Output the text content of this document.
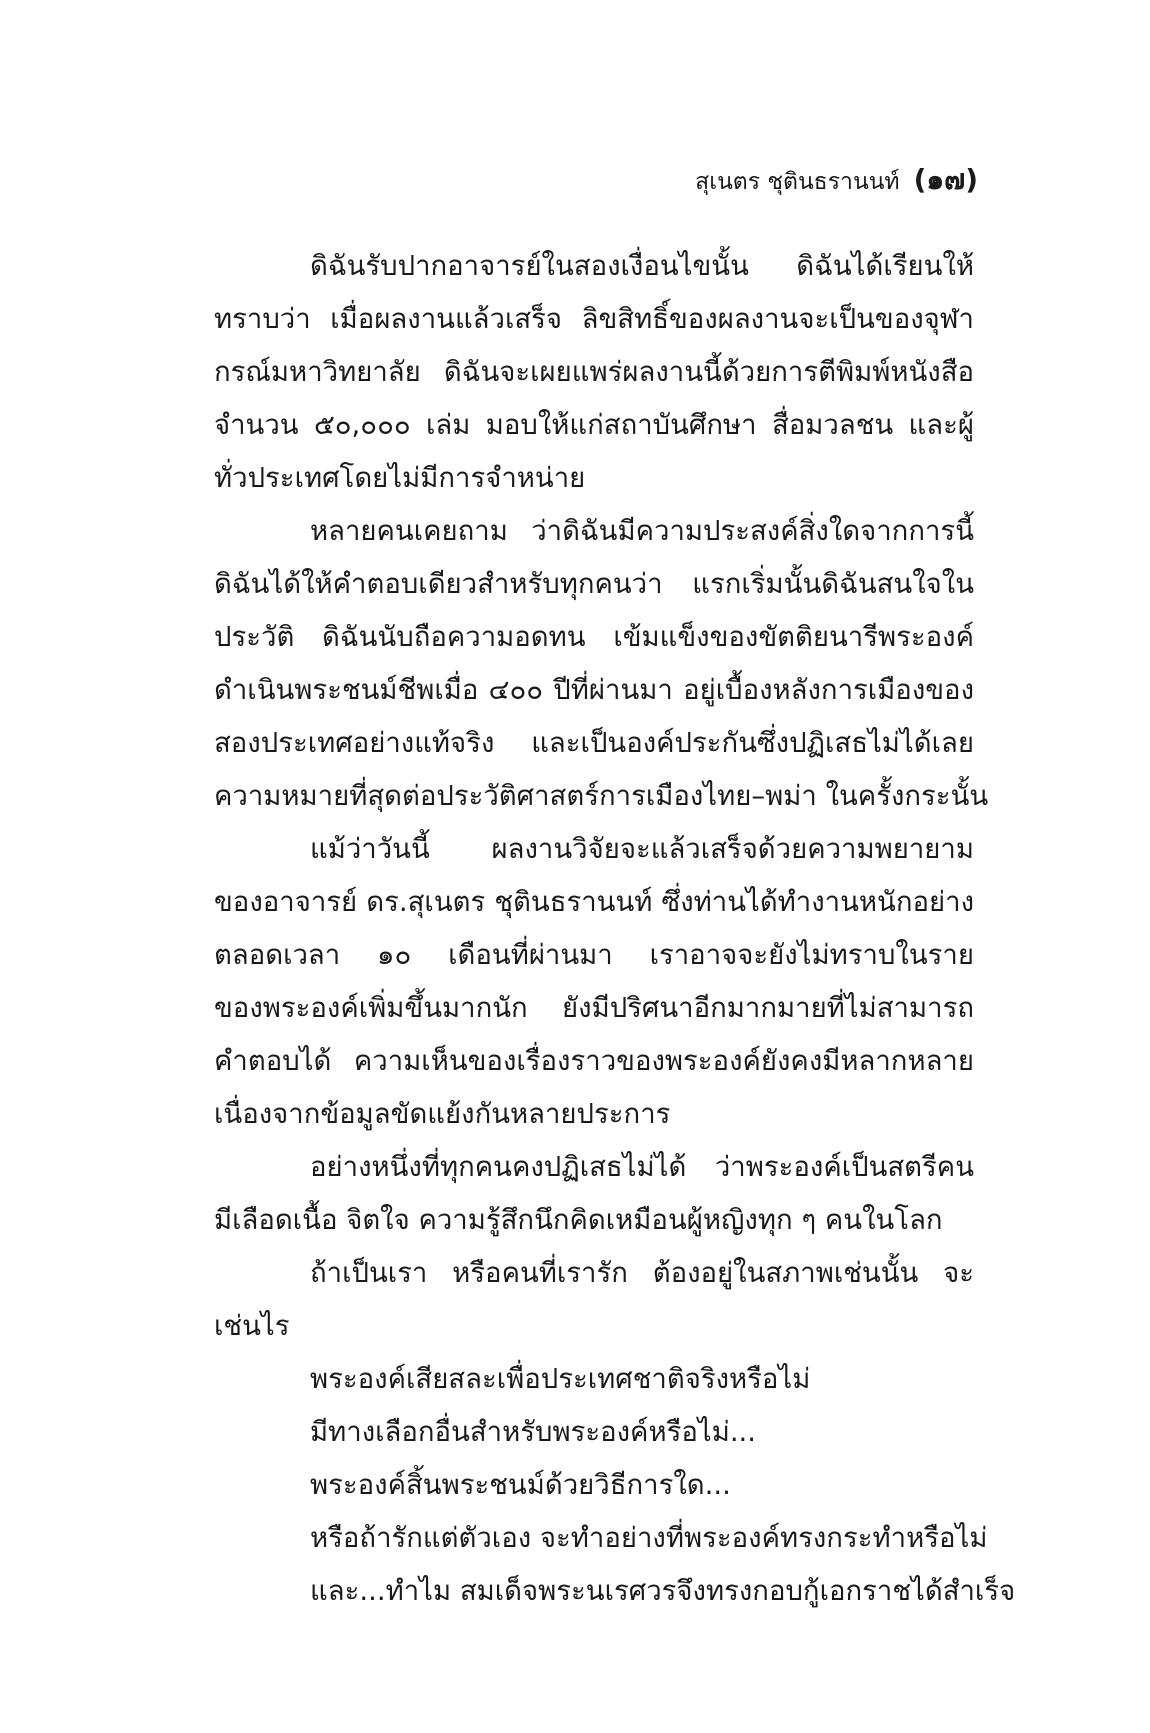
สุเนตร ชุตินธรานนท์ (๑๗)
ดิฉันรับปากอาจารย์ในสองเงื่อนไขนั้น ดิฉันได้เรียนให้
ทราบว่า เมื่อผลงานแล้วเสร็จ ลิขสิทธิ์ของผลงานจะเป็นของจุฬา
กรณ์มหาวิทยาลัย ดิฉันจะเผยแพร่ผลงานนี้ด้วยการตีพิมพ์หนังสือ
จำนวน ๕๐,๐๐๐ เล่ม มอบให้แก่สถาบันศึกษา สื่อมวลชน และผู้
ทั่วประเทศโดยไม่มีการจำหน่าย
หลายคนเคยถาม ว่าดิฉันมีความประสงค์สิ่งใดจากการนี้
ดิฉันได้ให้คำตอบเดียวสำหรับทุกคนว่า แรกเริ่มนั้นดิฉันสนใจใน
ประวัติ ดิฉันนับถือความอดทน เข้มแข็งของขัตติยนารีพระองค์
ดำเนินพระชนม์ชีพเมื่อ ๔๐๐ ปีที่ผ่านมา อยู่เบื้องหลังการเมืองของ
สองประเทศอย่างแท้จริง และเป็นองค์ประกันซึ่งปฏิเสธไม่ได้เลย
ความหมายที่สุดต่อประวัติศาสตร์การเมืองไทย–พม่า ในครั้งกระนั้น
แม้ว่าวันนี้ ผลงานวิจัยจะแล้วเสร็จด้วยความพยายาม
ของอาจารย์ ดร.สุเนตร ชุตินธรานนท์ ซึ่งท่านได้ทำงานหนักอย่าง
ตลอดเวลา ๑๐ เดือนที่ผ่านมา เราอาจจะยังไม่ทราบในราย
ของพระองค์เพิ่มขึ้นมากนัก ยังมีปริศนาอีกมากมายที่ไม่สามารถ
คำตอบได้ ความเห็นของเรื่องราวของพระองค์ยังคงมีหลากหลาย
เนื่องจากข้อมูลขัดแย้งกันหลายประการ
อย่างหนึ่งที่ทุกคนคงปฏิเสธไม่ได้ ว่าพระองค์เป็นสตรีคน
มีเลือดเนื้อ จิตใจ ความรู้สึกนึกคิดเหมือนผู้หญิงทุก ๆ คนในโลก
ถ้าเป็นเรา หรือคนที่เรารัก ต้องอยู่ในสภาพเช่นนั้น จะ
เช่นไร
พระองค์เสียสละเพื่อประเทศชาติจริงหรือไม่
มีทางเลือกอื่นสำหรับพระองค์หรือไม่...
พระองค์สิ้นพระชนม์ด้วยวิธีการใด...
หรือถ้ารักแต่ตัวเอง จะทำอย่างที่พระองค์ทรงกระทำหรือไม่
และ...ทำไม สมเด็จพระนเรศวรจึงทรงกอบกู้เอกราชได้สำเร็จ
